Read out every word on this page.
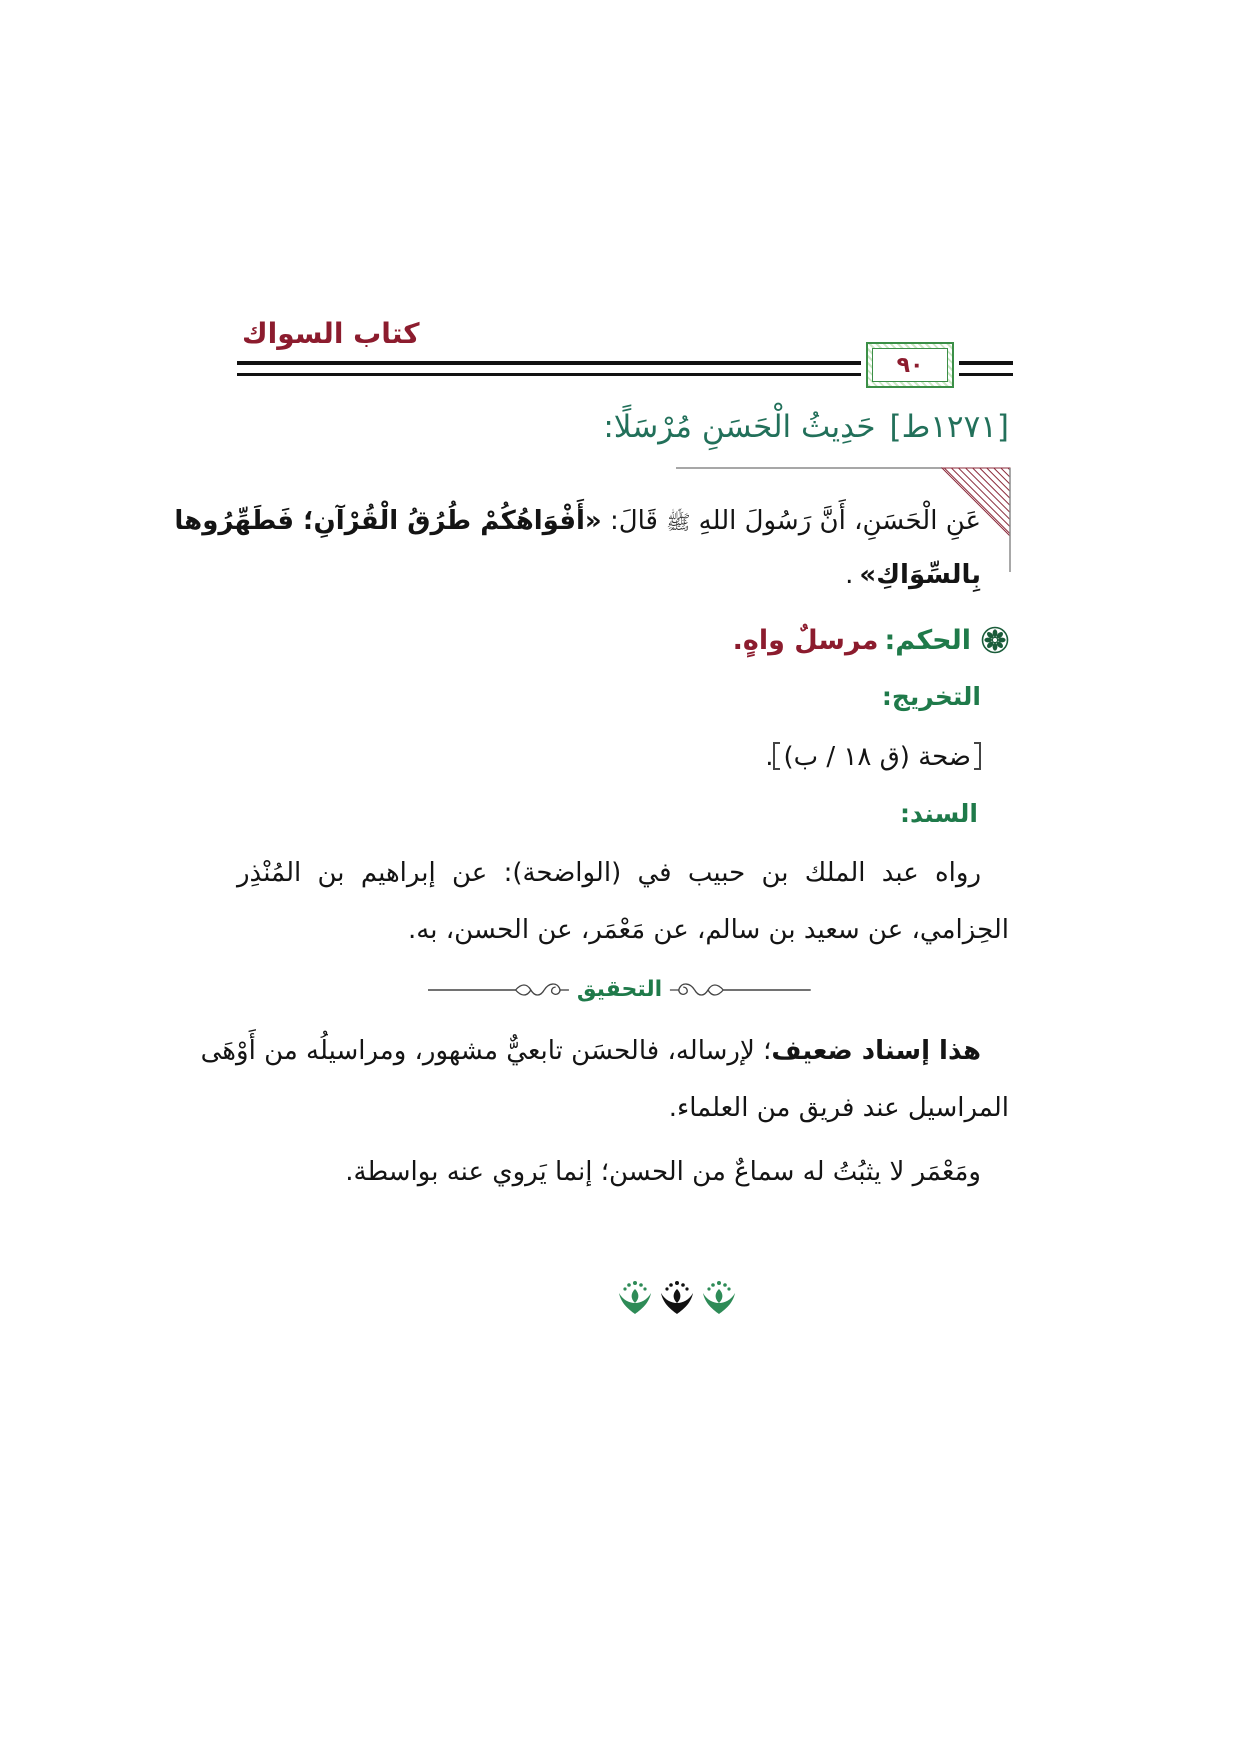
كتاب السواك
٩٠
[١٢٧١ط]حَدِيثُ الْحَسَنِ مُرْسَلًا:
عَنِ الْحَسَنِ، أَنَّ رَسُولَ اللهِ ﷺ قَالَ: «أَفْوَاهُكُمْ طُرُقُ الْقُرْآنِ؛ فَطَهِّرُوها
بِالسِّوَاكِ».
الحكم:مرسلٌ واهٍ.
التخريج:
ضحة (ق ١٨ / ب).
السند:
رواه عبد الملك بن حبيب في (الواضحة): عن إبراهيم بن المُنْذِر
الحِزامي، عن سعيد بن سالم، عن مَعْمَر، عن الحسن، به.
التحقيق
هذا إسناد ضعيف؛ لإرساله، فالحسَن تابعيٌّ مشهور، ومراسيلُه من أَوْهَى
المراسيل عند فريق من العلماء.
ومَعْمَر لا يثبُتُ له سماعٌ من الحسن؛ إنما يَروي عنه بواسطة.
